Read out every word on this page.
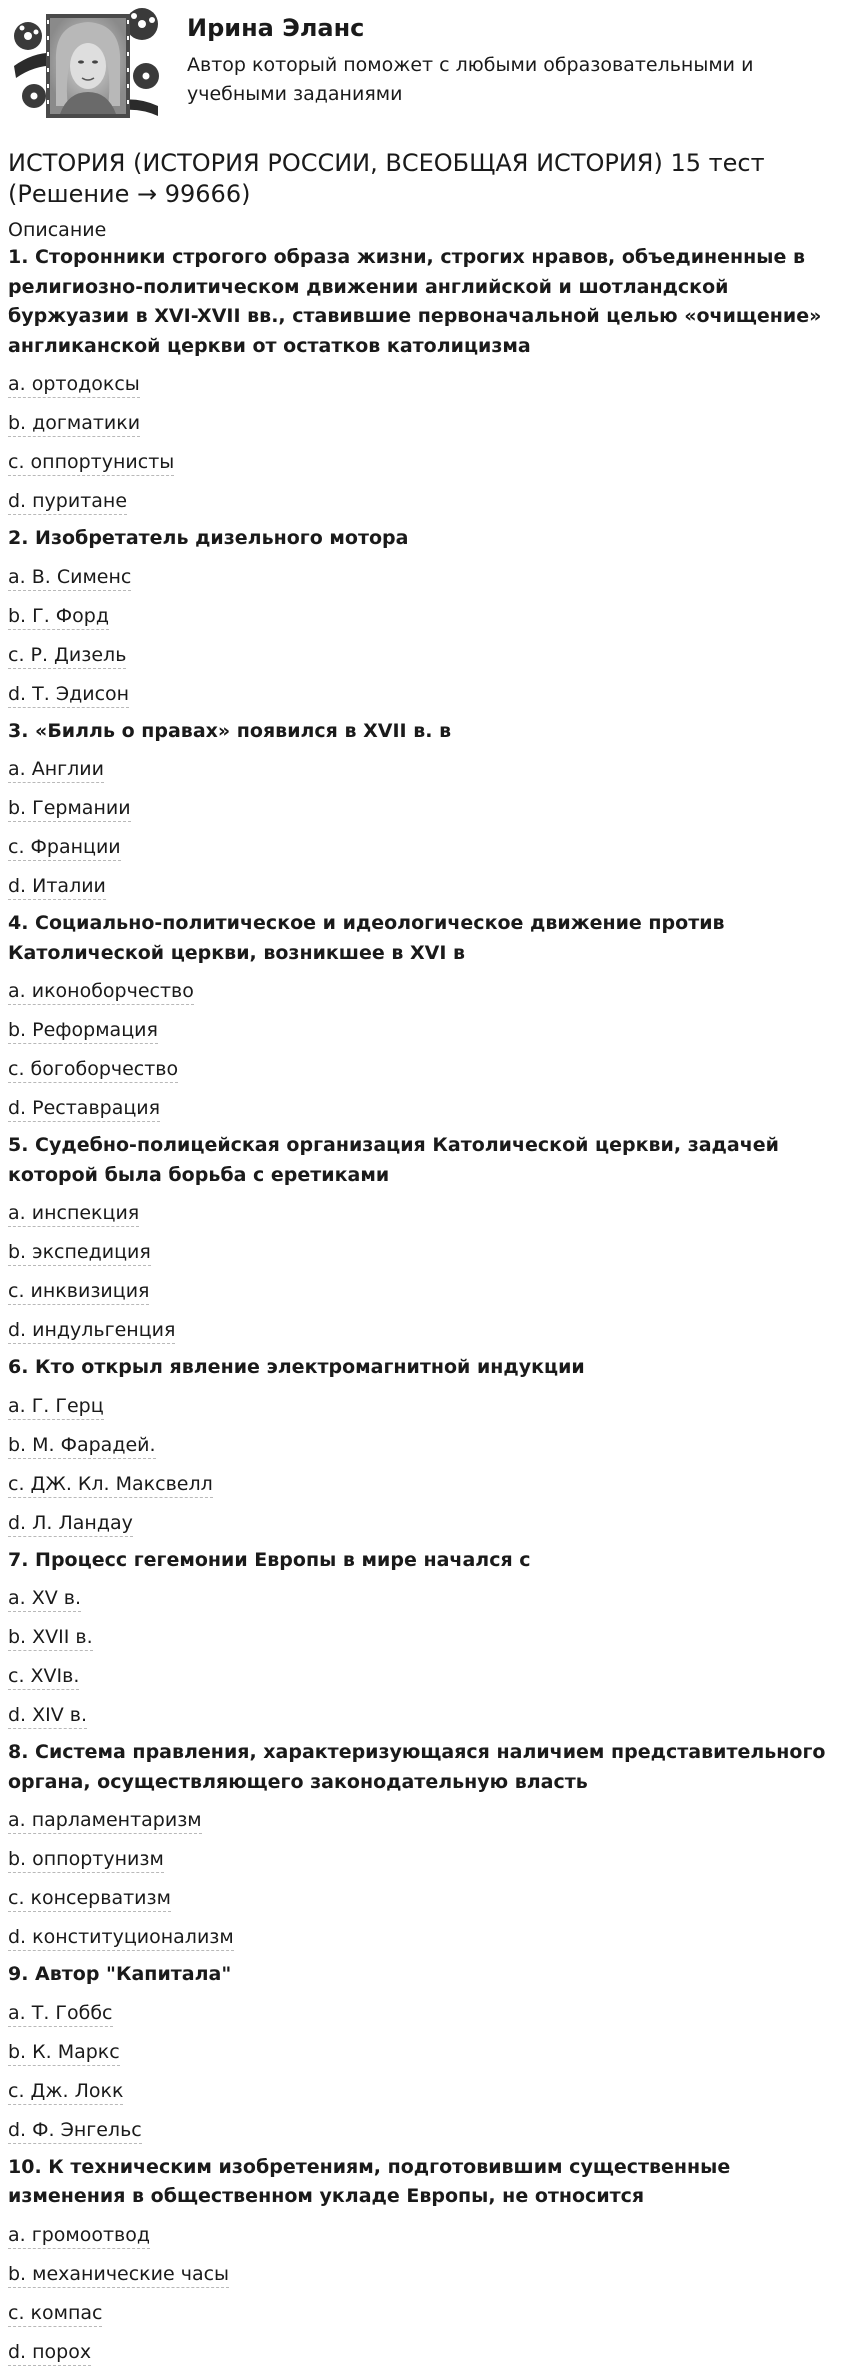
Ирина Эланс
Автор который поможет с любыми образовательными и учебными заданиями
ИСТОРИЯ (ИСТОРИЯ РОССИИ, ВСЕОБЩАЯ ИСТОРИЯ) 15 тест (Решение → 99666)
Описание
1. Сторонники строгого образа жизни, строгих нравов, объединенные в религиозно-политическом движении английской и шотландской буржуазии в XVI-XVII вв., ставившие первоначальной целью «очищение» англиканской церкви от остатков католицизма
a. ортодоксы
b. догматики
c. оппортунисты
d. пуритане
2. Изобретатель дизельного мотора
a. В. Сименс
b. Г. Форд
c. Р. Дизель
d. Т. Эдисон
3. «Билль о правах» появился в XVII в. в
a. Англии
b. Германии
c. Франции
d. Италии
4. Социально-политическое и идеологическое движение против Католической церкви, возникшее в XVI в
a. иконоборчество
b. Реформация
c. богоборчество
d. Реставрация
5. Судебно-полицейская организация Католической церкви, задачей которой была борьба с еретиками
a. инспекция
b. экспедиция
c. инквизиция
d. индульгенция
6. Кто открыл явление электромагнитной индукции
a. Г. Герц
b. М. Фарадей.
c. ДЖ. Кл. Максвелл
d. Л. Ландау
7. Процесс гегемонии Европы в мире начался с
a. XV в.
b. XVII в.
c. XVIв.
d. XIV в.
8. Система правления, характеризующаяся наличием представительного органа, осуществляющего законодательную власть
a. парламентаризм
b. оппортунизм
c. консерватизм
d. конституционализм
9. Автор "Капитала"
a. Т. Гоббс
b. К. Маркс
c. Дж. Локк
d. Ф. Энгельс
10. К техническим изобретениям, подготовившим существенные изменения в общественном укладе Европы, не относится
a. громоотвод
b. механические часы
c. компас
d. порох
